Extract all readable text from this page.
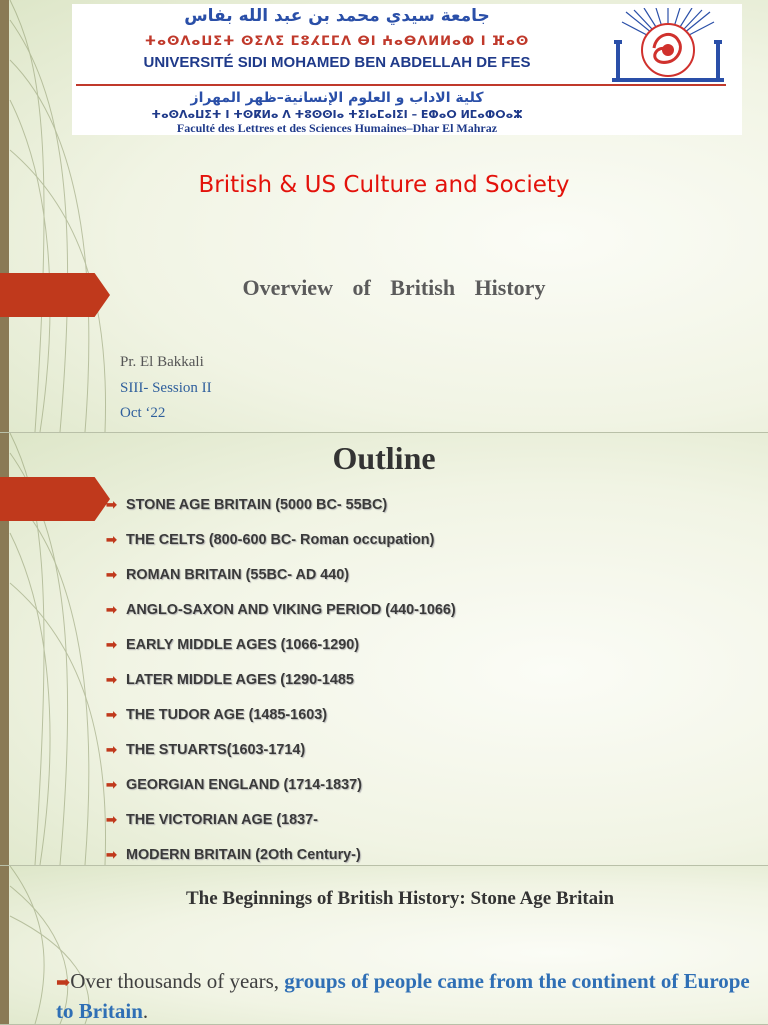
جامعة سيدي محمد بن عبد الله بفاس
ⵜⴰⵙⴷⴰⵡⵉⵜ ⵙⵉⴷⵉ ⵎⵓⵃⵎⵎⴷ ⴱⵏ ⵄⴰⴱⴷⵍⵍⴰⵀ ⵏ ⴼⴰⵙ
UNIVERSITÉ SIDI MOHAMED BEN ABDELLAH DE FES
كلية الاداب و العلوم الإنسانية–ظهر المهراز
ⵜⴰⵙⴷⴰⵡⵉⵜ ⵏ ⵜⵙⴽⵍⴰ ⴷ ⵜⵓⵙⵙⵏⴰ ⵜⵉⵏⴰⵎⴰⵏⵉⵏ – ⴹⵀⴰⵔ ⵍⵎⴰⵀⵔⴰⵣ
Faculté des Lettres et des Sciences Humaines–Dhar El Mahraz
British & US Culture and Society
Overview of British History
Pr. El Bakkali
SIII- Session II
Oct ‘22
Outline
➡ STONE AGE BRITAIN (5000 BC- 55BC)
➡ THE CELTS (800-600 BC- Roman occupation)
➡ ROMAN BRITAIN (55BC- AD 440)
➡ ANGLO-SAXON AND VIKING PERIOD (440-1066)
➡ EARLY MIDDLE AGES (1066-1290)
➡ LATER MIDDLE AGES (1290-1485
➡ THE TUDOR AGE (1485-1603)
➡ THE STUARTS(1603-1714)
➡ GEORGIAN ENGLAND (1714-1837)
➡ THE VICTORIAN AGE (1837-
➡ MODERN BRITAIN (2Oth Century-)
The Beginnings of British History: Stone Age Britain
➡Over thousands of years, groups of people came from the continent of Europe to Britain.
